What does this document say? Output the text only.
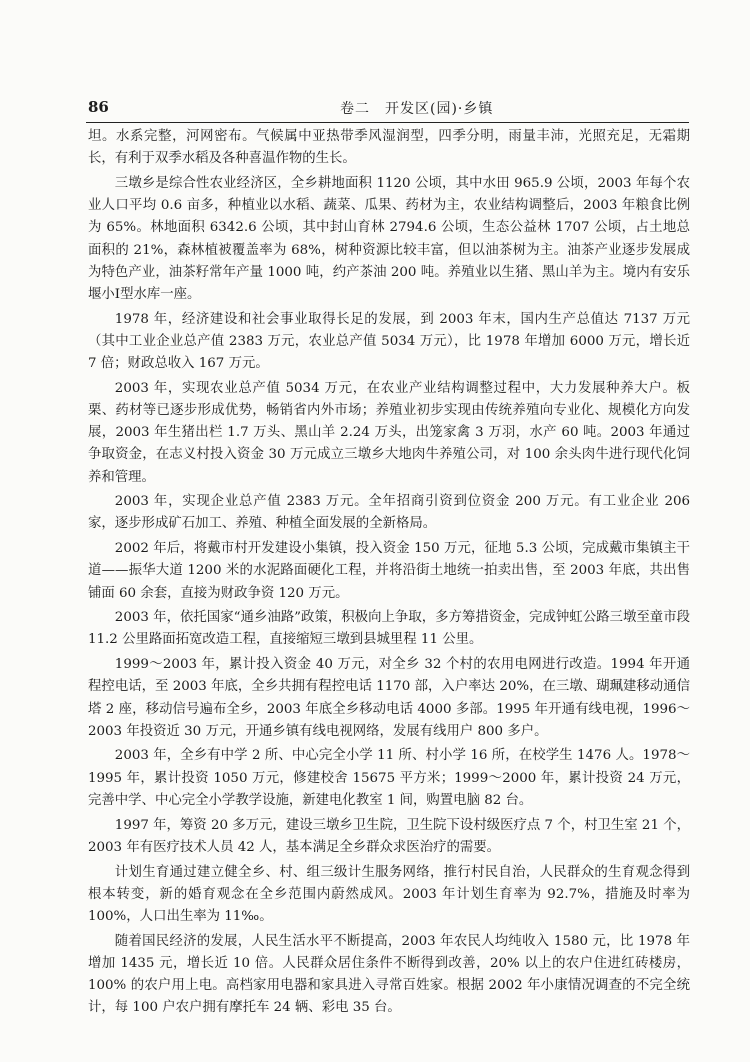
86	卷二　开发区(园)·乡镇

坦。水系完整，河网密布。气候属中亚热带季风湿润型，四季分明，雨量丰沛，光照充足，无霜期长，有利于双季水稻及各种喜温作物的生长。

三墩乡是综合性农业经济区，全乡耕地面积 1120 公顷，其中水田 965.9 公顷，2003 年每个农业人口平均 0.6 亩多，种植业以水稻、蔬菜、瓜果、药材为主，农业结构调整后，2003 年粮食比例为 65%。林地面积 6342.6 公顷，其中封山育林 2794.6 公顷，生态公益林 1707 公顷，占土地总面积的 21%，森林植被覆盖率为 68%，树种资源比较丰富，但以油茶树为主。油茶产业逐步发展成为特色产业，油茶籽常年产量 1000 吨，约产茶油 200 吨。养殖业以生猪、黑山羊为主。境内有安乐堰小Ⅰ型水库一座。

1978 年，经济建设和社会事业取得长足的发展，到 2003 年末，国内生产总值达 7137 万元（其中工业企业总产值 2383 万元，农业总产值 5034 万元），比 1978 年增加 6000 万元，增长近 7 倍；财政总收入 167 万元。

2003 年，实现农业总产值 5034 万元，在农业产业结构调整过程中，大力发展种养大户。板栗、药材等已逐步形成优势，畅销省内外市场；养殖业初步实现由传统养殖向专业化、规模化方向发展，2003 年生猪出栏 1.7 万头、黑山羊 2.24 万头，出笼家禽 3 万羽，水产 60 吨。2003 年通过争取资金，在志义村投入资金 30 万元成立三墩乡大地肉牛养殖公司，对 100 余头肉牛进行现代化饲养和管理。

2003 年，实现企业总产值 2383 万元。全年招商引资到位资金 200 万元。有工业企业 206 家，逐步形成矿石加工、养殖、种植全面发展的全新格局。

2002 年后，将戴市村开发建设小集镇，投入资金 150 万元，征地 5.3 公顷，完成戴市集镇主干道——振华大道 1200 米的水泥路面硬化工程，并将沿街土地统一拍卖出售，至 2003 年底，共出售铺面 60 余套，直接为财政争资 120 万元。

2003 年，依托国家“通乡油路”政策，积极向上争取，多方筹措资金，完成钟虹公路三墩至童市段 11.2 公里路面拓宽改造工程，直接缩短三墩到县城里程 11 公里。

1999～2003 年，累计投入资金 40 万元，对全乡 32 个村的农用电网进行改造。1994 年开通程控电话，至 2003 年底，全乡共拥有程控电话 1170 部，入户率达 20%，在三墩、瑚珮建移动通信塔 2 座，移动信号遍布全乡，2003 年底全乡移动电话 4000 多部。1995 年开通有线电视，1996～2003 年投资近 30 万元，开通乡镇有线电视网络，发展有线用户 800 多户。

2003 年，全乡有中学 2 所、中心完全小学 11 所、村小学 16 所，在校学生 1476 人。1978～1995 年，累计投资 1050 万元，修建校舍 15675 平方米；1999～2000 年，累计投资 24 万元，完善中学、中心完全小学教学设施，新建电化教室 1 间，购置电脑 82 台。

1997 年，筹资 20 多万元，建设三墩乡卫生院，卫生院下设村级医疗点 7 个，村卫生室 21 个，2003 年有医疗技术人员 42 人，基本满足全乡群众求医治疗的需要。

计划生育通过建立健全乡、村、组三级计生服务网络，推行村民自治，人民群众的生育观念得到根本转变，新的婚育观念在全乡范围内蔚然成风。2003 年计划生育率为 92.7%，措施及时率为 100%，人口出生率为 11‰。

随着国民经济的发展，人民生活水平不断提高，2003 年农民人均纯收入 1580 元，比 1978 年增加 1435 元，增长近 10 倍。人民群众居住条件不断得到改善，20% 以上的农户住进红砖楼房，100% 的农户用上电。高档家用电器和家具进入寻常百姓家。根据 2002 年小康情况调查的不完全统计，每 100 户农户拥有摩托车 24 辆、彩电 35 台。
